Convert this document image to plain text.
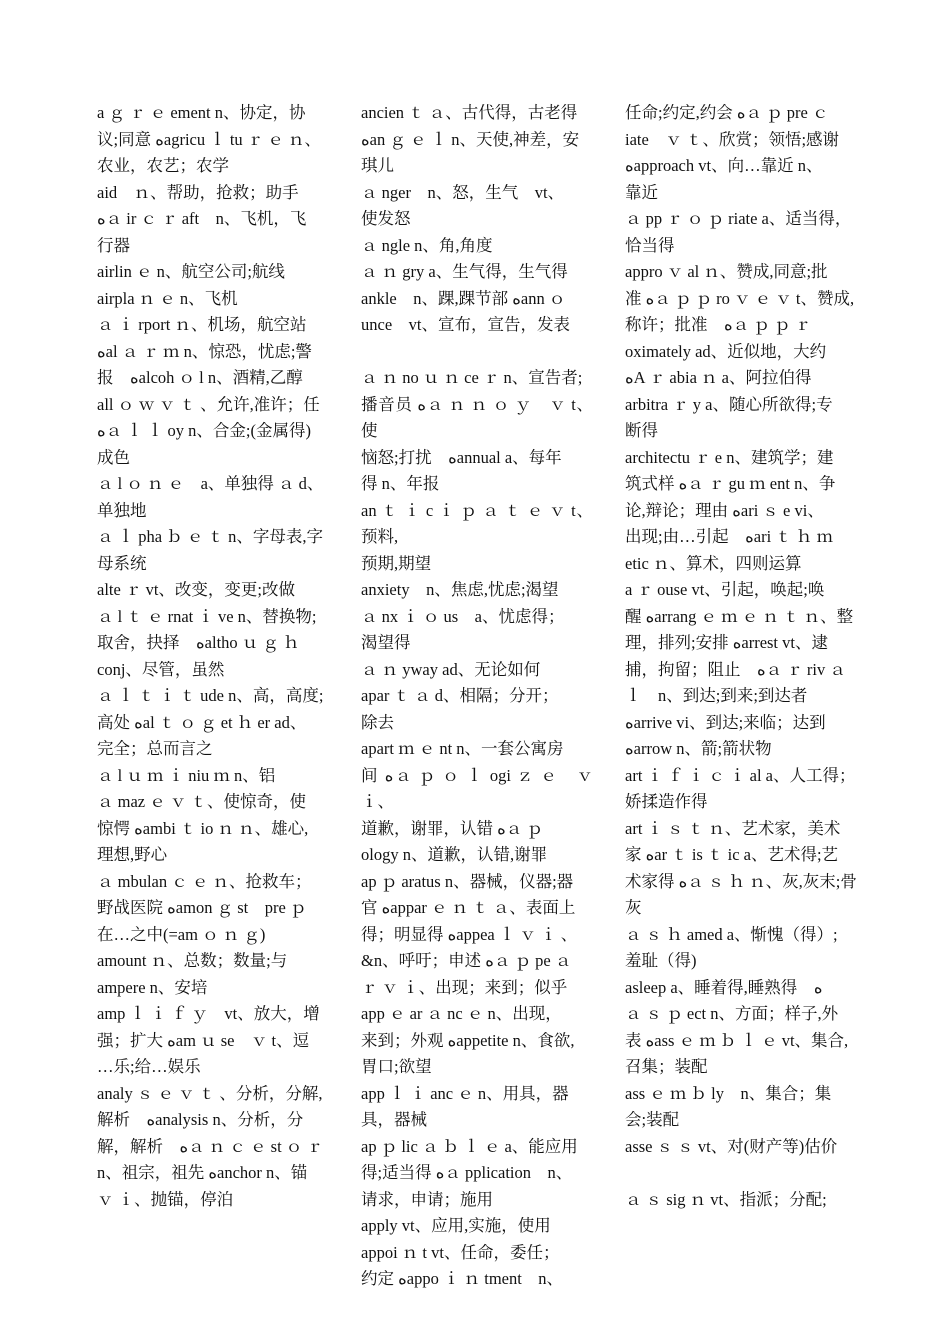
a ｇ ｒ ｅ ement n、协定，协

议;同意 ﻩagricu ｌ tu ｒ ｅ ｎ、

农业，农艺；农学

aid　ｎ、帮助，抢救；助手

ﻩａ ir ｃ ｒ aft　n、飞机，飞

行器

airlin ｅ n、航空公司;航线

airpla ｎ ｅ n、飞机

ａ ｉ rport ｎ、机场，航空站

ﻩal ａ ｒ ｍ n、惊恐，忧虑;警

报　ﻩalcoh ｏ l n、酒精,乙醇

all ｏ ｗ ｖ ｔ 、允许,准许；任

ﻩａ ｌ ｌ oy n、合金;(金属得)

成色

ａ l ｏ ｎ ｅ　a、单独得 ａ d、

单独地

ａ ｌ pha ｂ ｅ ｔ n、字母表,字

母系统

alte ｒ vt、改变，变更;改做

ａ l ｔ ｅ rnat ｉ ve n、替换物;

取舍，抉择　ﻩaltho ｕ ｇ ｈ

conj、尽管，虽然

ａ ｌ ｔ ｉ ｔ ude n、高，高度;

高处 ﻩal ｔ ｏ ｇ et ｈ er ad、

完全；总而言之

ａ l ｕ ｍ ｉ niu ｍ n、铝

ａ maz ｅ ｖ ｔ、使惊奇，使

惊愕 ﻩambi ｔ io ｎ ｎ、雄心,

理想,野心

ａ mbulan ｃ ｅ ｎ、抢救车；

野战医院 ﻩamon ｇ st　pre ｐ

在…之中(=am ｏ ｎ ｇ)

amount ｎ、总数；数量;与

ampere n、安培

amp ｌ ｉ ｆ ｙ　vt、放大，增

强；扩大 ﻩam ｕ se　ｖ t、逗

…乐;给…娱乐

analy ｓ ｅ ｖ ｔ 、分析，分解,

解析　ﻩanalysis n、分析，分

解，解析　ﻩａ ｎ ｃ ｅ st ｏ ｒ

n、祖宗，祖先 ﻩanchor n、锚

ｖ ｉ、抛锚，停泊

ancien ｔ ａ、古代得，古老得

ﻩan ｇ ｅ ｌ n、天使,神差，安

琪儿

ａ nger　n、怒，生气　vt、

使发怒

ａ ngle n、角,角度

ａ ｎ gry a、生气得，生气得

ankle　n、踝,踝节部 ﻩann ｏ

unce　vt、宣布，宣告，发表

ａ ｎ no ｕ ｎ ce ｒ n、宣告者;

播音员 ﻩａ ｎ ｎ ｏ ｙ　ｖ t、使

恼怒;打扰　ﻩannual a、每年

得 n、年报

an ｔ ｉ c ｉ ｐ ａ ｔ ｅ ｖ t、预料,

预期,期望

anxiety　n、焦虑,忧虑;渴望

ａ nx ｉ ｏ us　a、忧虑得；

渴望得

ａ ｎ yway ad、无论如何

apar ｔ ａ d、相隔；分开；

除去

apart ｍ ｅ nt n、一套公寓房

间 ﻩａ ｐ ｏ ｌ ogi ｚ ｅ　ｖ ｉ、

道歉，谢罪，认错 ﻩａ ｐ

ology n、道歉，认错,谢罪

ap ｐ aratus n、器械，仪器;器

官 ﻩappar ｅ ｎ ｔ ａ、表面上

得；明显得 ﻩappea ｌ ｖ ｉ 、

&n、呼吁；申述 ﻩａ ｐ pe ａ

ｒ ｖ ｉ、出现；来到；似乎

app ｅ ar ａ nc ｅ n、出现，

来到；外观 ﻩappetite n、食欲,

胃口;欲望

app ｌ ｉ anc ｅ n、用具，器

具，器械

ap ｐ lic ａ ｂ ｌ ｅ a、能应用

得;适当得 ﻩａ pplication　n、

请求，申请；施用

apply vt、应用,实施，使用

appoi ｎ t vt、任命，委任；

约定 ﻩappo ｉ ｎ tment　n、

任命;约定,约会 ﻩａ ｐ pre ｃ

iate　ｖ ｔ、欣赏；领悟;感谢

ﻩapproach vt、向…靠近 n、

靠近

ａ pp ｒ ｏ ｐ riate a、适当得，

恰当得

appro ｖ al ｎ、赞成,同意;批

准 ﻩａ ｐ ｐ ro ｖ ｅ ｖ t、赞成,

称许；批准　ﻩａ ｐ ｐ ｒ

oximately ad、近似地，大约

ﻩA ｒ abia ｎ a、阿拉伯得

arbitra ｒ y a、随心所欲得;专

断得

architectu ｒ e n、建筑学；建

筑式样 ﻩａ ｒ gu ｍ ent n、争

论,辩论；理由 ﻩari ｓ e vi、

出现;由…引起　ﻩari ｔ ｈ ｍ

etic ｎ、算术，四则运算

a ｒ ouse vt、引起，唤起;唤

醒 ﻩarrang ｅ ｍ ｅ ｎ ｔ ｎ、整

理，排列;安排 ﻩarrest vt、逮

捕，拘留；阻止　ﻩａ ｒ riv ａ

ｌ　n、到达;到来;到达者

ﻩarrive vi、到达;来临；达到

ﻩarrow n、箭;箭状物

art ｉ ｆ ｉ ｃ ｉ al a、人工得；

娇揉造作得

art ｉ ｓ ｔ ｎ、艺术家，美术

家 ﻩar ｔ is ｔ ic a、艺术得;艺

术家得 ﻩａ ｓ ｈ ｎ、灰,灰末;骨

灰

ａ ｓ ｈ amed a、惭愧（得）;

羞耻（得)

asleep a、睡着得,睡熟得　ﻩ

ａ ｓ ｐ ect n、方面；样子,外

表 ﻩass ｅ ｍ ｂ ｌ ｅ vt、集合,

召集；装配

ass ｅ ｍ ｂ ly　n、集合；集

会;装配

asse ｓ ｓ vt、对(财产等)估价

ａ ｓ sig ｎ vt、指派；分配;
